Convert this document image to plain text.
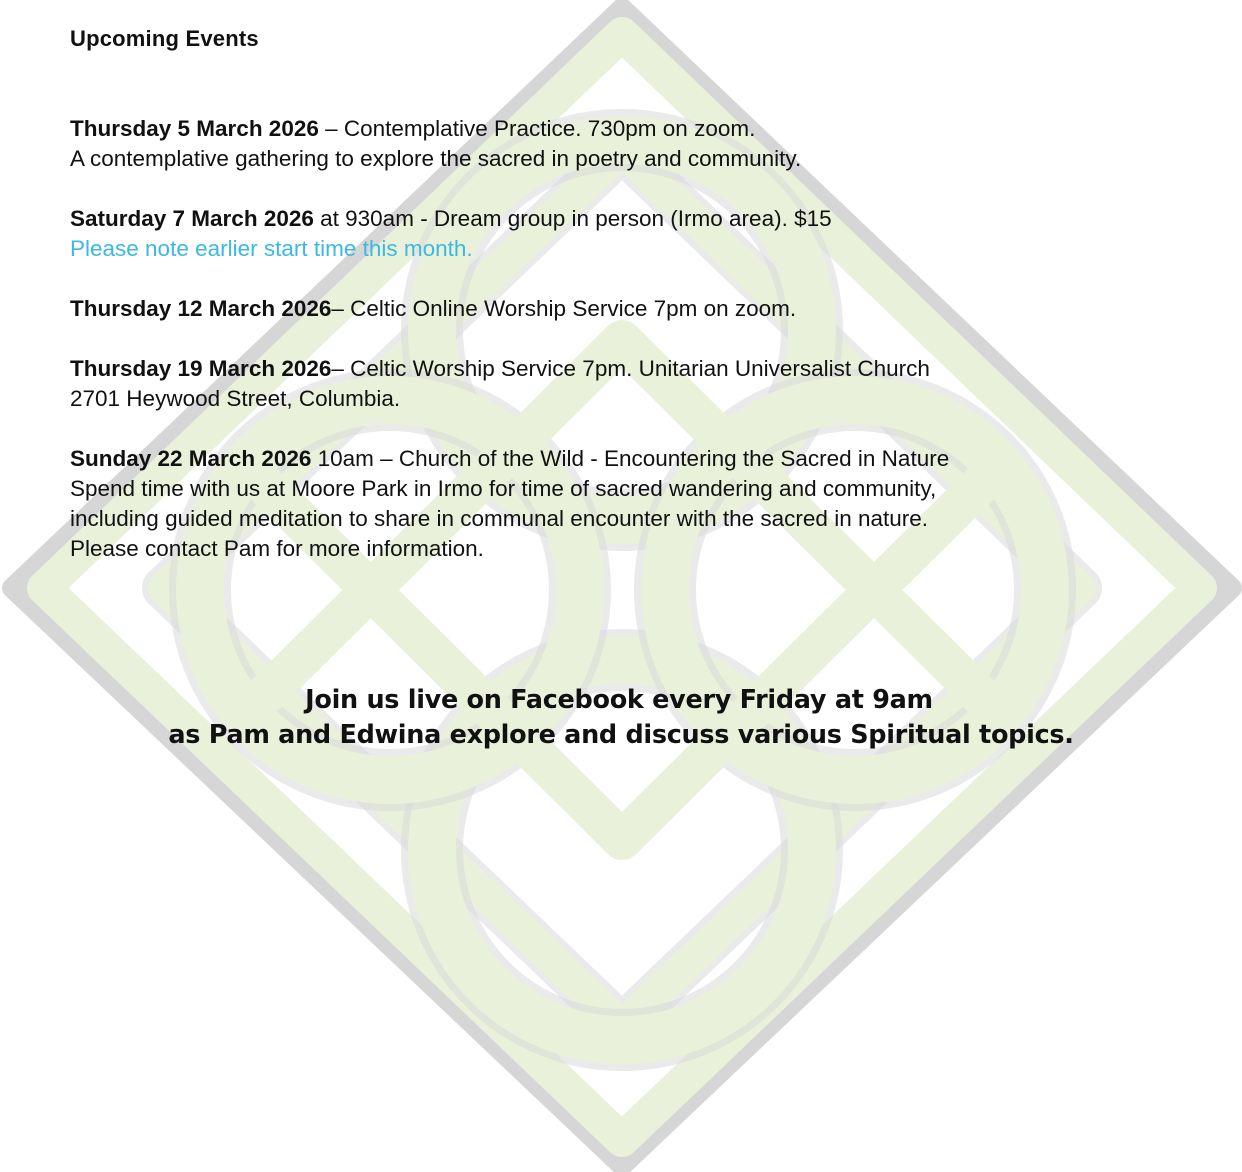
Upcoming Events
Thursday 5 March 2026 – Contemplative Practice. 730pm on zoom.
A contemplative gathering to explore the sacred in poetry and community.
Saturday 7 March 2026 at 930am - Dream group in person (Irmo area). $15
Please note earlier start time this month.
Thursday 12 March 2026– Celtic Online Worship Service 7pm on zoom.
Thursday 19 March 2026– Celtic Worship Service 7pm. Unitarian Universalist Church
2701 Heywood Street, Columbia.
Sunday 22 March 2026 10am – Church of the Wild - Encountering the Sacred in Nature
Spend time with us at Moore Park in Irmo for time of sacred wandering and community,
including guided meditation to share in communal encounter with the sacred in nature.
Please contact Pam for more information.
Join us live on Facebook every Friday at 9am
as Pam and Edwina explore and discuss various Spiritual topics.
